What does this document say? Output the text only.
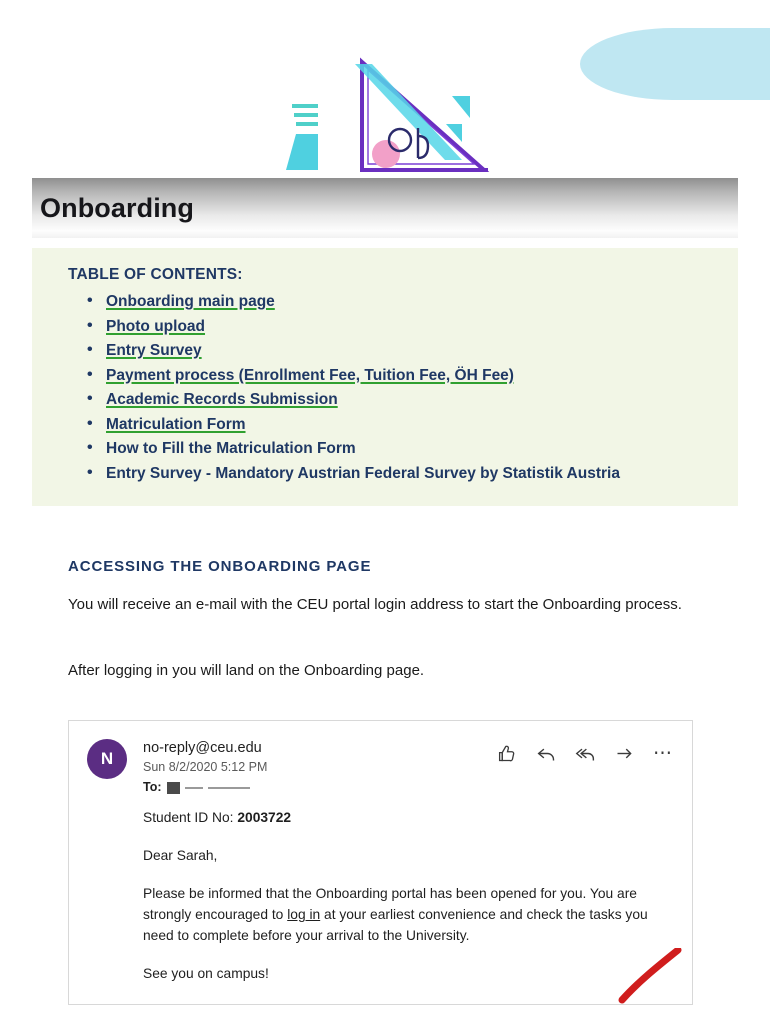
Onboarding
TABLE OF CONTENTS:
• Onboarding main page
• Photo upload
• Entry Survey
• Payment process (Enrollment Fee, Tuition Fee, ÖH Fee)
• Academic Records Submission
• Matriculation Form
• How to Fill the Matriculation Form
• Entry Survey - Mandatory Austrian Federal Survey by Statistik Austria
ACCESSING THE ONBOARDING PAGE
You will receive an e-mail with the CEU portal login address to start the Onboarding process.
After logging in you will land on the Onboarding page.
N
no-reply@ceu.edu
Sun 8/2/2020 5:12 PM
To:
⋯

Student ID No: 2003722

Dear Sarah,

Please be informed that the Onboarding portal has been opened for you. You are strongly encouraged to log in at your earliest convenience and check the tasks you need to complete before your arrival to the University.

See you on campus!
